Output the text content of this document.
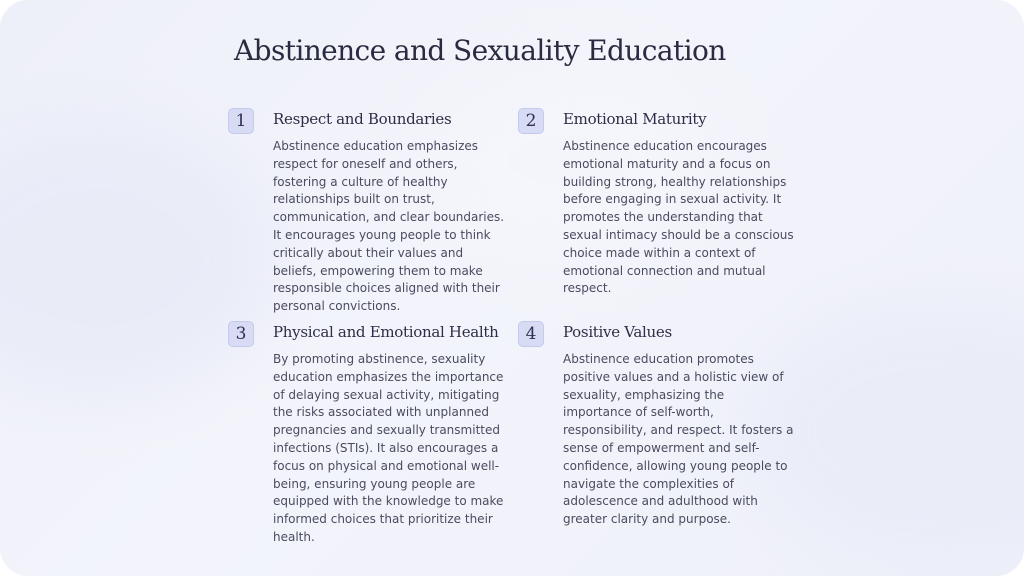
Abstinence and Sexuality Education
1	Respect and Boundaries

Abstinence education emphasizes respect for oneself and others, fostering a culture of healthy relationships built on trust, communication, and clear boundaries. It encourages young people to think critically about their values and beliefs, empowering them to make responsible choices aligned with their personal convictions.

2	Emotional Maturity

Abstinence education encourages emotional maturity and a focus on building strong, healthy relationships before engaging in sexual activity. It promotes the understanding that sexual intimacy should be a conscious choice made within a context of emotional connection and mutual respect.

3	Physical and Emotional Health

By promoting abstinence, sexuality education emphasizes the importance of delaying sexual activity, mitigating the risks associated with unplanned pregnancies and sexually transmitted infections (STIs). It also encourages a focus on physical and emotional well-being, ensuring young people are equipped with the knowledge to make informed choices that prioritize their health.

4	Positive Values

Abstinence education promotes positive values and a holistic view of sexuality, emphasizing the importance of self-worth, responsibility, and respect. It fosters a sense of empowerment and self-confidence, allowing young people to navigate the complexities of adolescence and adulthood with greater clarity and purpose.
